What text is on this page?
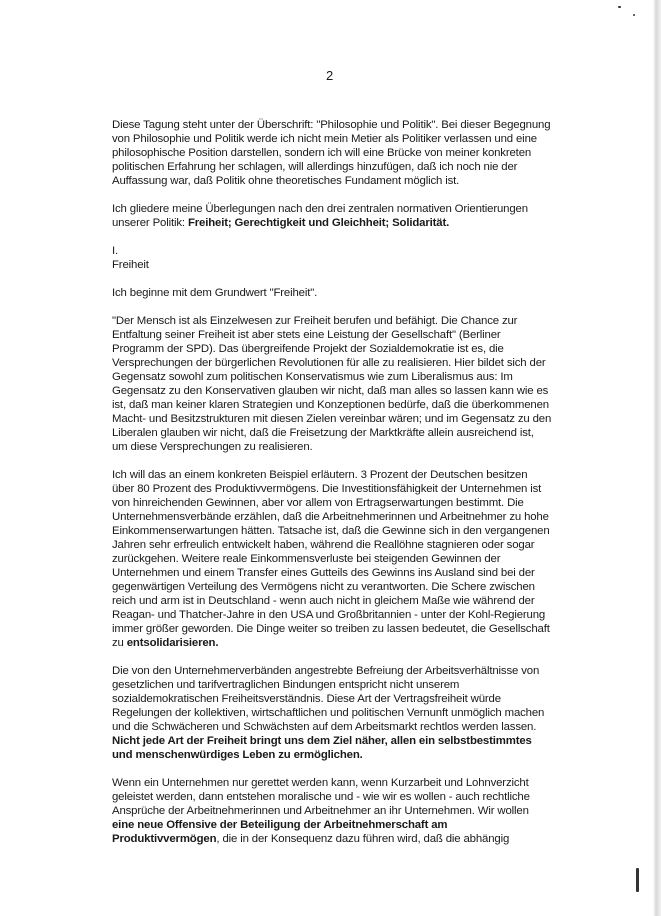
2

Diese Tagung steht unter der Überschrift: "Philosophie und Politik". Bei dieser Begegnung von Philosophie und Politik werde ich nicht mein Metier als Politiker verlassen und eine philosophische Position darstellen, sondern ich will eine Brücke von meiner konkreten politischen Erfahrung her schlagen, will allerdings hinzufügen, daß ich noch nie der Auffassung war, daß Politik ohne theoretisches Fundament möglich ist.

Ich gliedere meine Überlegungen nach den drei zentralen normativen Orientierungen unserer Politik: Freiheit; Gerechtigkeit und Gleichheit; Solidarität.

I.
Freiheit

Ich beginne mit dem Grundwert "Freiheit".

"Der Mensch ist als Einzelwesen zur Freiheit berufen und befähigt. Die Chance zur Entfaltung seiner Freiheit ist aber stets eine Leistung der Gesellschaft" (Berliner Programm der SPD). Das übergreifende Projekt der Sozialdemokratie ist es, die Versprechungen der bürgerlichen Revolutionen für alle zu realisieren. Hier bildet sich der Gegensatz sowohl zum politischen Konservatismus wie zum Liberalismus aus: Im Gegensatz zu den Konservativen glauben wir nicht, daß man alles so lassen kann wie es ist, daß man keiner klaren Strategien und Konzeptionen bedürfe, daß die überkommenen Macht- und Besitzstrukturen mit diesen Zielen vereinbar wären; und im Gegensatz zu den Liberalen glauben wir nicht, daß die Freisetzung der Marktkräfte allein ausreichend ist, um diese Versprechungen zu realisieren.

Ich will das an einem konkreten Beispiel erläutern. 3 Prozent der Deutschen besitzen über 80 Prozent des Produktivvermögens. Die Investitionsfähigkeit der Unternehmen ist von hinreichenden Gewinnen, aber vor allem von Ertragserwartungen bestimmt. Die Unternehmensverbände erzählen, daß die Arbeitnehmerinnen und Arbeitnehmer zu hohe Einkommenserwartungen hätten. Tatsache ist, daß die Gewinne sich in den vergangenen Jahren sehr erfreulich entwickelt haben, während die Reallöhne stagnieren oder sogar zurückgehen. Weitere reale Einkommensverluste bei steigenden Gewinnen der Unternehmen und einem Transfer eines Gutteils des Gewinns ins Ausland sind bei der gegenwärtigen Verteilung des Vermögens nicht zu verantworten. Die Schere zwischen reich und arm ist in Deutschland - wenn auch nicht in gleichem Maße wie während der Reagan- und Thatcher-Jahre in den USA und Großbritannien - unter der Kohl-Regierung immer größer geworden. Die Dinge weiter so treiben zu lassen bedeutet, die Gesellschaft zu entsolidarisieren.

Die von den Unternehmerverbänden angestrebte Befreiung der Arbeitsverhältnisse von gesetzlichen und tarifvertraglichen Bindungen entspricht nicht unserem sozialdemokratischen Freiheitsverständnis. Diese Art der Vertragsfreiheit würde Regelungen der kollektiven, wirtschaftlichen und politischen Vernunft unmöglich machen und die Schwächeren und Schwächsten auf dem Arbeitsmarkt rechtlos werden lassen. Nicht jede Art der Freiheit bringt uns dem Ziel näher, allen ein selbstbestimmtes und menschenwürdiges Leben zu ermöglichen.

Wenn ein Unternehmen nur gerettet werden kann, wenn Kurzarbeit und Lohnverzicht geleistet werden, dann entstehen moralische und - wie wir es wollen - auch rechtliche Ansprüche der Arbeitnehmerinnen und Arbeitnehmer an ihr Unternehmen. Wir wollen eine neue Offensive der Beteiligung der Arbeitnehmerschaft am Produktivvermögen, die in der Konsequenz dazu führen wird, daß die abhängig
